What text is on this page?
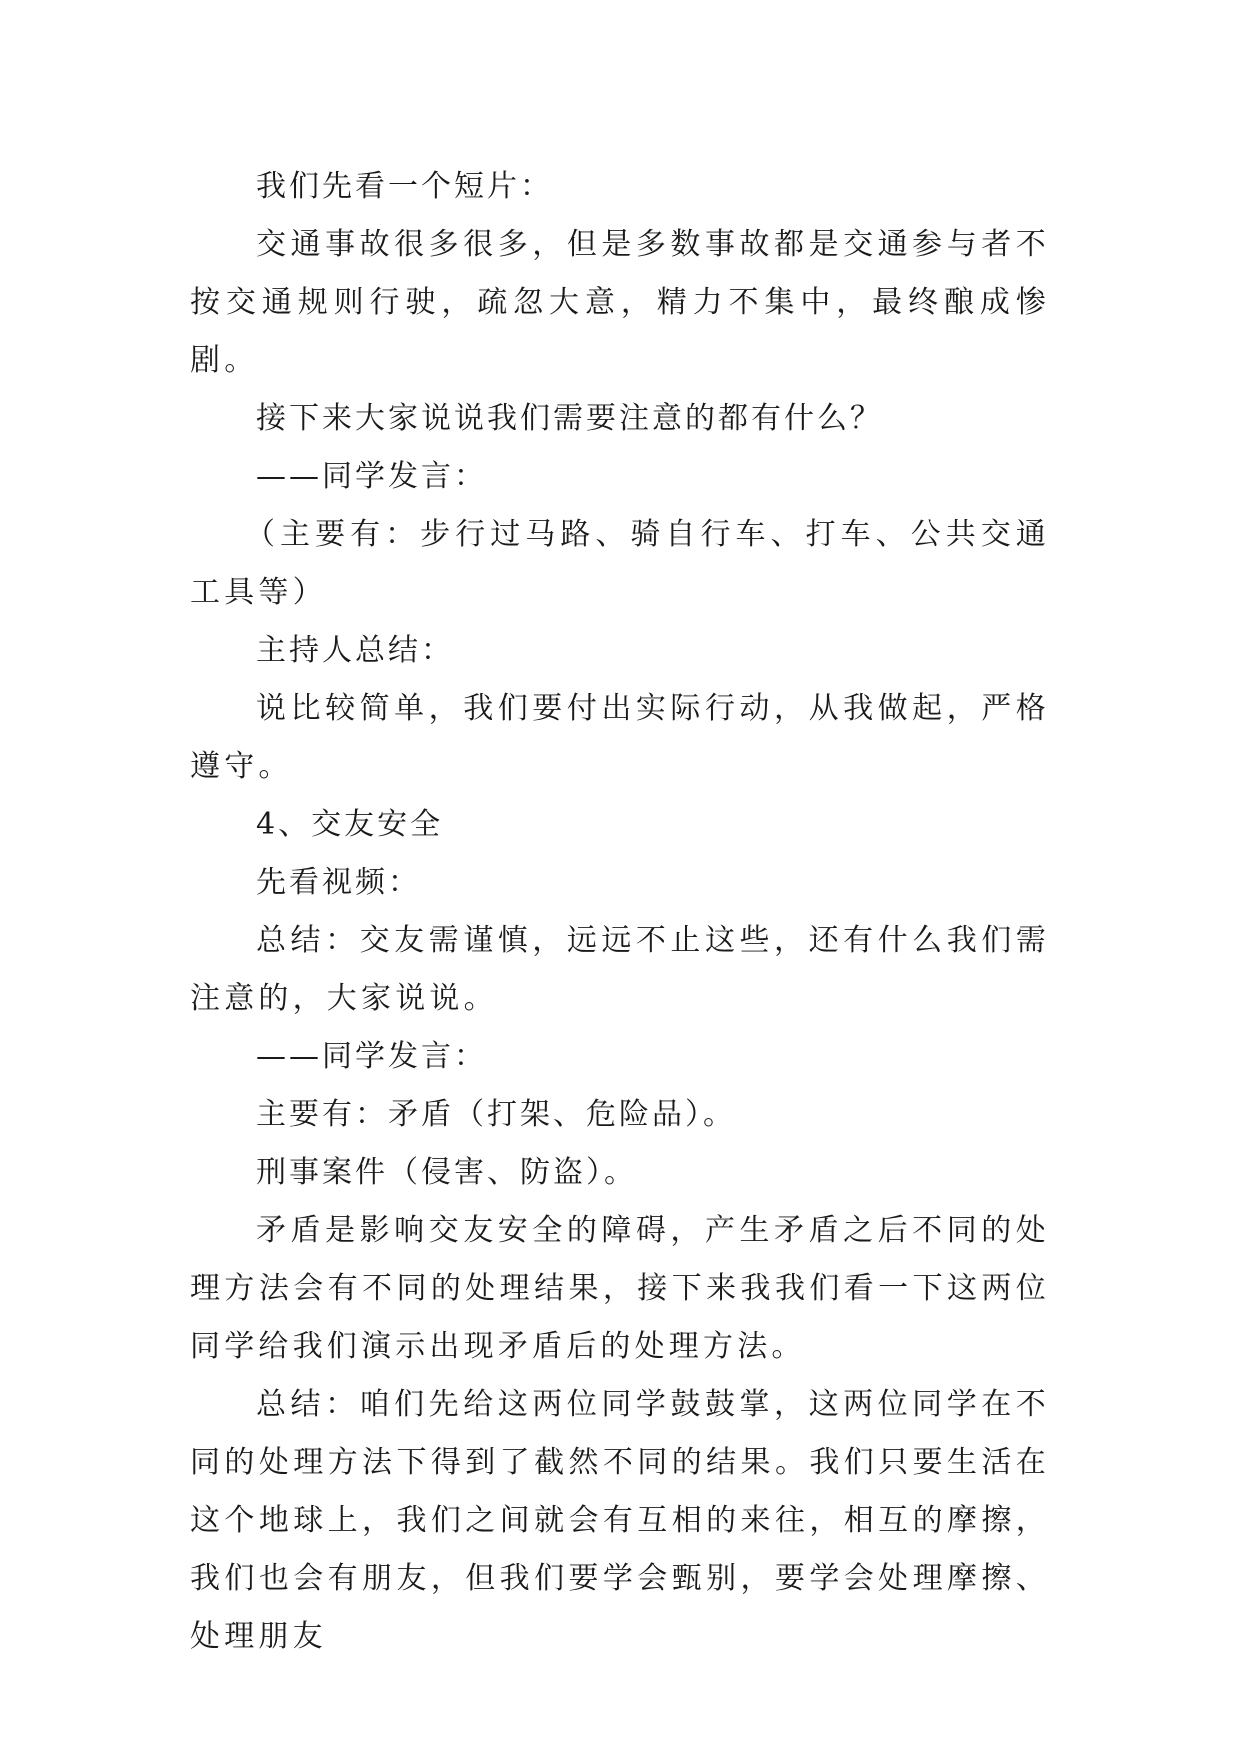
我们先看一个短片：

交通事故很多很多，但是多数事故都是交通参与者不按交通规则行驶，疏忽大意，精力不集中，最终酿成惨剧。

接下来大家说说我们需要注意的都有什么？

——同学发言：

（主要有：步行过马路、骑自行车、打车、公共交通工具等）

主持人总结：

说比较简单，我们要付出实际行动，从我做起，严格遵守。

4、交友安全

先看视频：

总结：交友需谨慎，远远不止这些，还有什么我们需注意的，大家说说。

——同学发言：

主要有：矛盾（打架、危险品）。

刑事案件（侵害、防盗）。

矛盾是影响交友安全的障碍，产生矛盾之后不同的处理方法会有不同的处理结果，接下来我我们看一下这两位同学给我们演示出现矛盾后的处理方法。

总结：咱们先给这两位同学鼓鼓掌，这两位同学在不同的处理方法下得到了截然不同的结果。我们只要生活在这个地球上，我们之间就会有互相的来往，相互的摩擦，我们也会有朋友，但我们要学会甄别，要学会处理摩擦、处理朋友
